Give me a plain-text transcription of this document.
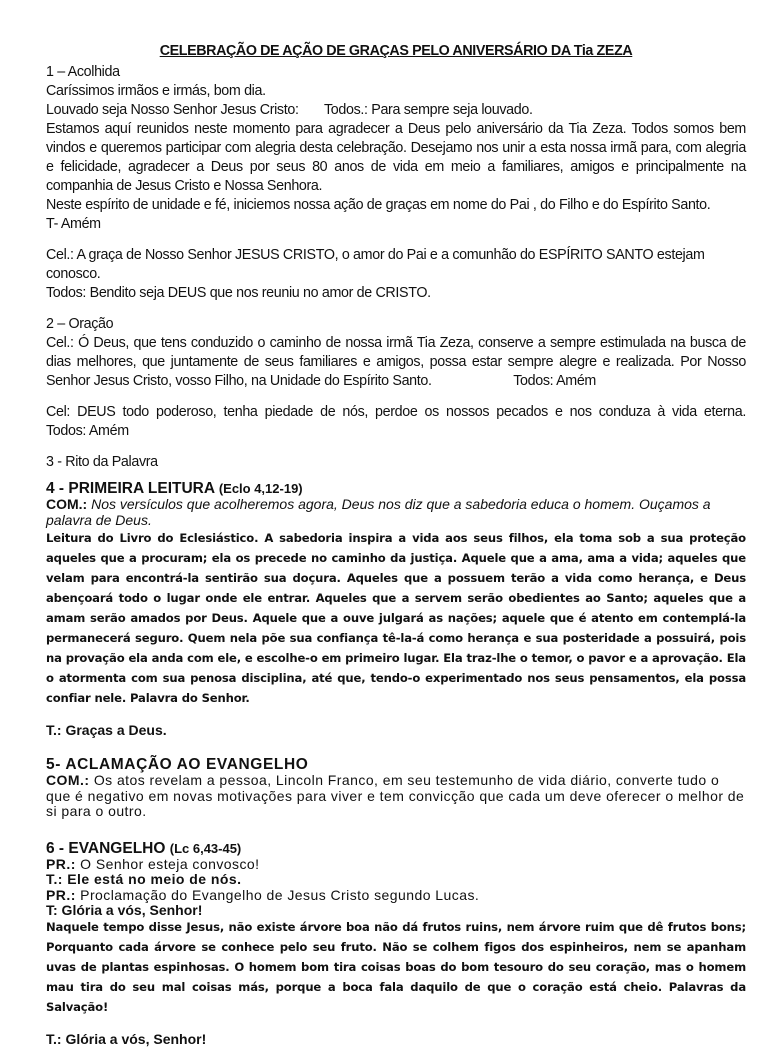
CELEBRAÇÃO DE AÇÃO DE GRAÇAS PELO ANIVERSÁRIO DA Tia ZEZA
1 – Acolhida
Caríssimos irmãos e irmás, bom dia.
Louvado seja Nosso Senhor Jesus Cristo: Todos.: Para sempre seja louvado.
Estamos aquí reunidos neste momento para agradecer a Deus pelo aniversário da Tia Zeza. Todos somos bem vindos e queremos participar com alegria desta celebração. Desejamo nos unir a esta nossa irmã para, com alegria e felicidade, agradecer a Deus por seus 80 anos de vida em meio a familiares, amigos e principalmente na companhia de Jesus Cristo e Nossa Senhora.
Neste espírito de unidade e fé, iniciemos nossa ação de graças em nome do Pai , do Filho e do Espírito Santo.
T- Amém
Cel.: A graça de Nosso Senhor JESUS CRISTO, o amor do Pai e a comunhão do ESPÍRITO SANTO estejam conosco.
Todos: Bendito seja DEUS que nos reuniu no amor de CRISTO.
2 – Oração
Cel.: Ó Deus, que tens conduzido o caminho de nossa irmã Tia Zeza, conserve a sempre estimulada na busca de dias melhores, que juntamente de seus familiares e amigos, possa estar sempre alegre e realizada. Por Nosso Senhor Jesus Cristo, vosso Filho, na Unidade do Espírito Santo.	Todos: Amém
Cel: DEUS todo poderoso, tenha piedade de nós, perdoe os nossos pecados e nos conduza à vida eterna.
Todos: Amém
3 - Rito da Palavra
4 - PRIMEIRA LEITURA (Eclo 4,12-19)
COM.: Nos versículos que acolheremos agora, Deus nos diz que a sabedoria educa o homem. Ouçamos a palavra de Deus.
Leitura do Livro do Eclesiástico. A sabedoria inspira a vida aos seus filhos, ela toma sob a sua proteção aqueles que a procuram; ela os precede no caminho da justiça. Aquele que a ama, ama a vida; aqueles que velam para encontrá-la sentirão sua doçura. Aqueles que a possuem terão a vida como herança, e Deus abençoará todo o lugar onde ele entrar. Aqueles que a servem serão obedientes ao Santo; aqueles que a amam serão amados por Deus. Aquele que a ouve julgará as nações; aquele que é atento em contemplá-la permanecerá seguro. Quem nela põe sua confiança tê-la-á como herança e sua posteridade a possuirá, pois na provação ela anda com ele, e escolhe-o em primeiro lugar. Ela traz-lhe o temor, o pavor e a aprovação. Ela o atormenta com sua penosa disciplina, até que, tendo-o experimentado nos seus pensamentos, ela possa confiar nele. Palavra do Senhor.
T.: Graças a Deus.
5- ACLAMAÇÃO AO EVANGELHO
COM.: Os atos revelam a pessoa, Lincoln Franco, em seu testemunho de vida diário, converte tudo o que é negativo em novas motivações para viver e tem convicção que cada um deve oferecer o melhor de si para o outro.
6 - EVANGELHO (Lc 6,43-45)
PR.: O Senhor esteja convosco!
T.: Ele está no meio de nós.
PR.: Proclamação do Evangelho de Jesus Cristo segundo Lucas.
T: Glória a vós, Senhor!
Naquele tempo disse Jesus, não existe árvore boa não dá frutos ruins, nem árvore ruim que dê frutos bons; Porquanto cada árvore se conhece pelo seu fruto. Não se colhem figos dos espinheiros, nem se apanham uvas de plantas espinhosas. O homem bom tira coisas boas do bom tesouro do seu coração, mas o homem mau tira do seu mal coisas más, porque a boca fala daquilo de que o coração está cheio. Palavras da Salvação!
T.: Glória a vós, Senhor!
